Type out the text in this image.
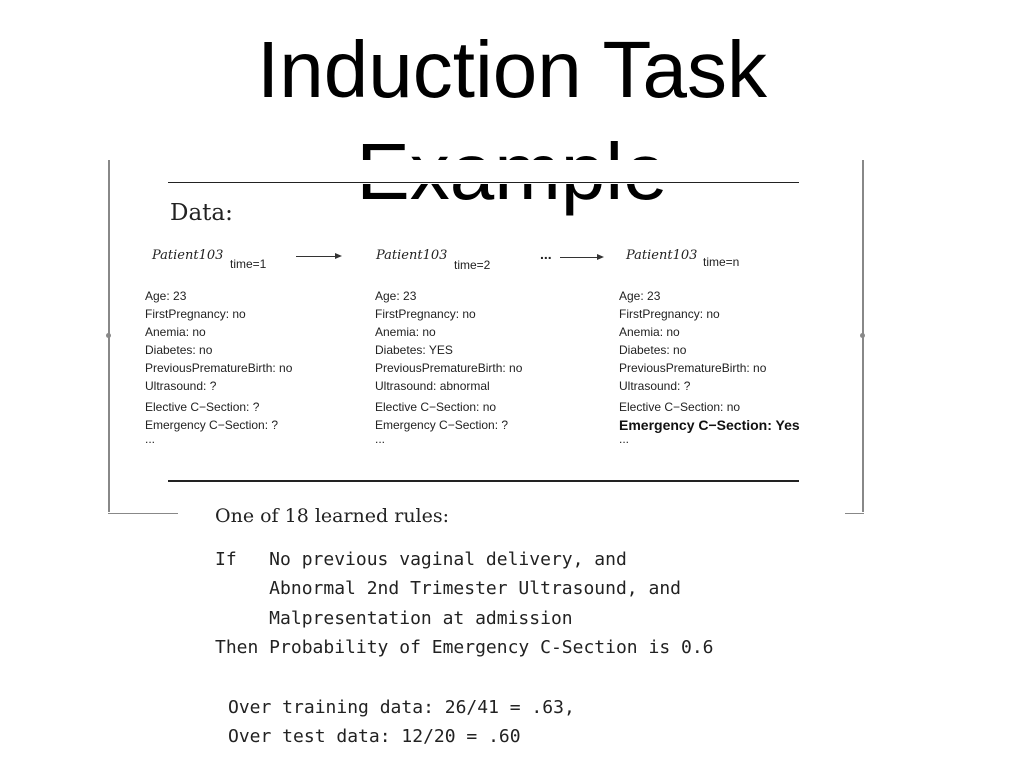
Induction Task
Data:
Patient103
time=1
Patient103
time=2
...	Patient103 time=n
Age: 23
FirstPregnancy: no
Anemia: no
Diabetes: no
PreviousPrematureBirth: no
Ultrasound: ?
Elective C−Section: ?
Emergency C−Section: ?
...
Age: 23
FirstPregnancy: no
Anemia: no
Diabetes: YES
PreviousPrematureBirth: no
Ultrasound: abnormal
Elective C−Section: no
Emergency C−Section: ?
...
Age: 23
FirstPregnancy: no
Anemia: no
Diabetes: no
PreviousPrematureBirth: no
Ultrasound: ?
Elective C−Section: no
Emergency C−Section: Yes
...
One of 18 learned rules:
If   No previous vaginal delivery, and
Abnormal 2nd Trimester Ultrasound, and
Malpresentation at admission
Then Probability of Emergency C-Section is 0.6
Over training data: 26/41 = .63,
Over test data: 12/20 = .60
